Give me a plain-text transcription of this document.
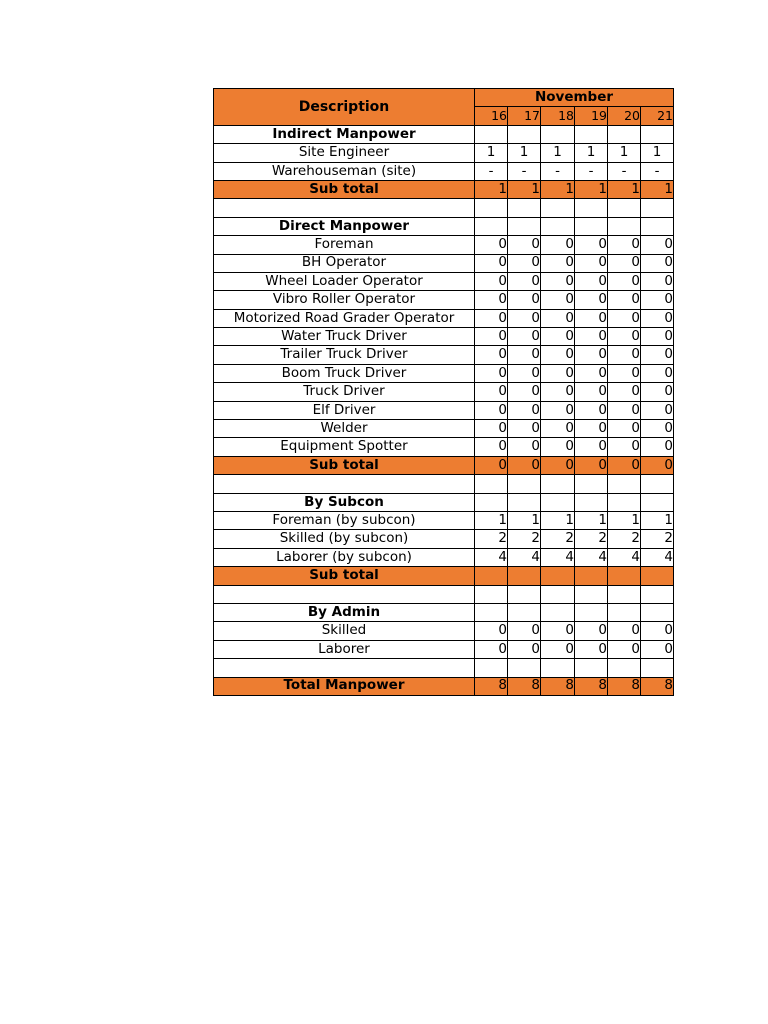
Description	November					
	16	17	18	19	20	21
Indirect Manpower						
Site Engineer	1	1	1	1	1	1
Warehouseman (site)	-	-	-	-	-	-
Sub total	1	1	1	1	1	1

Direct Manpower						
Foreman	0	0	0	0	0	0
BH Operator	0	0	0	0	0	0
Wheel Loader Operator	0	0	0	0	0	0
Vibro Roller Operator	0	0	0	0	0	0
Motorized Road Grader Operator	0	0	0	0	0	0
Water Truck Driver	0	0	0	0	0	0
Trailer Truck Driver	0	0	0	0	0	0
Boom Truck Driver	0	0	0	0	0	0
Truck Driver	0	0	0	0	0	0
Elf Driver	0	0	0	0	0	0
Welder	0	0	0	0	0	0
Equipment Spotter	0	0	0	0	0	0
Sub total	0	0	0	0	0	0

By Subcon						
Foreman (by subcon)	1	1	1	1	1	1
Skilled (by subcon)	2	2	2	2	2	2
Laborer (by subcon)	4	4	4	4	4	4
Sub total						

By Admin						
Skilled	0	0	0	0	0	0
Laborer	0	0	0	0	0	0

Total Manpower	8	8	8	8	8	8
